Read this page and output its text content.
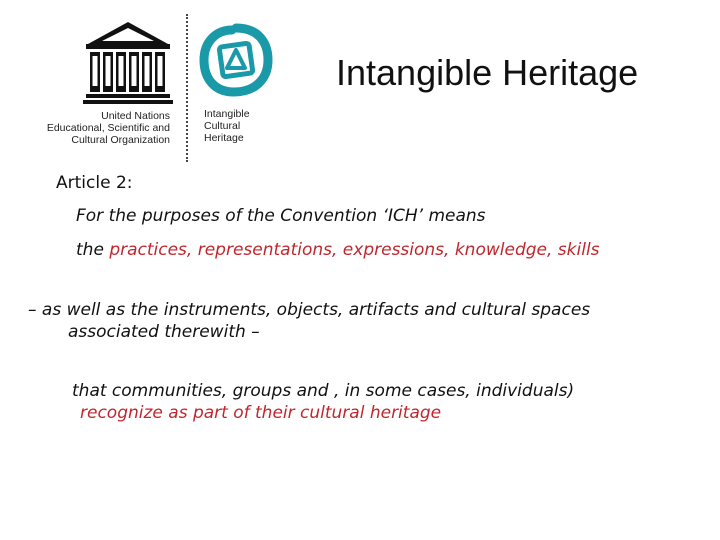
United Nations
Educational, Scientific and
Cultural Organization
Intangible
Cultural
Heritage
Intangible Heritage
Article 2:
For the purposes of the Convention ‘ICH’ means
the practices, representations, expressions, knowledge, skills
– as well as the instruments, objects, artifacts and cultural spaces
associated therewith –
that communities, groups and , in some cases, individuals)
recognize as part of their cultural heritage
